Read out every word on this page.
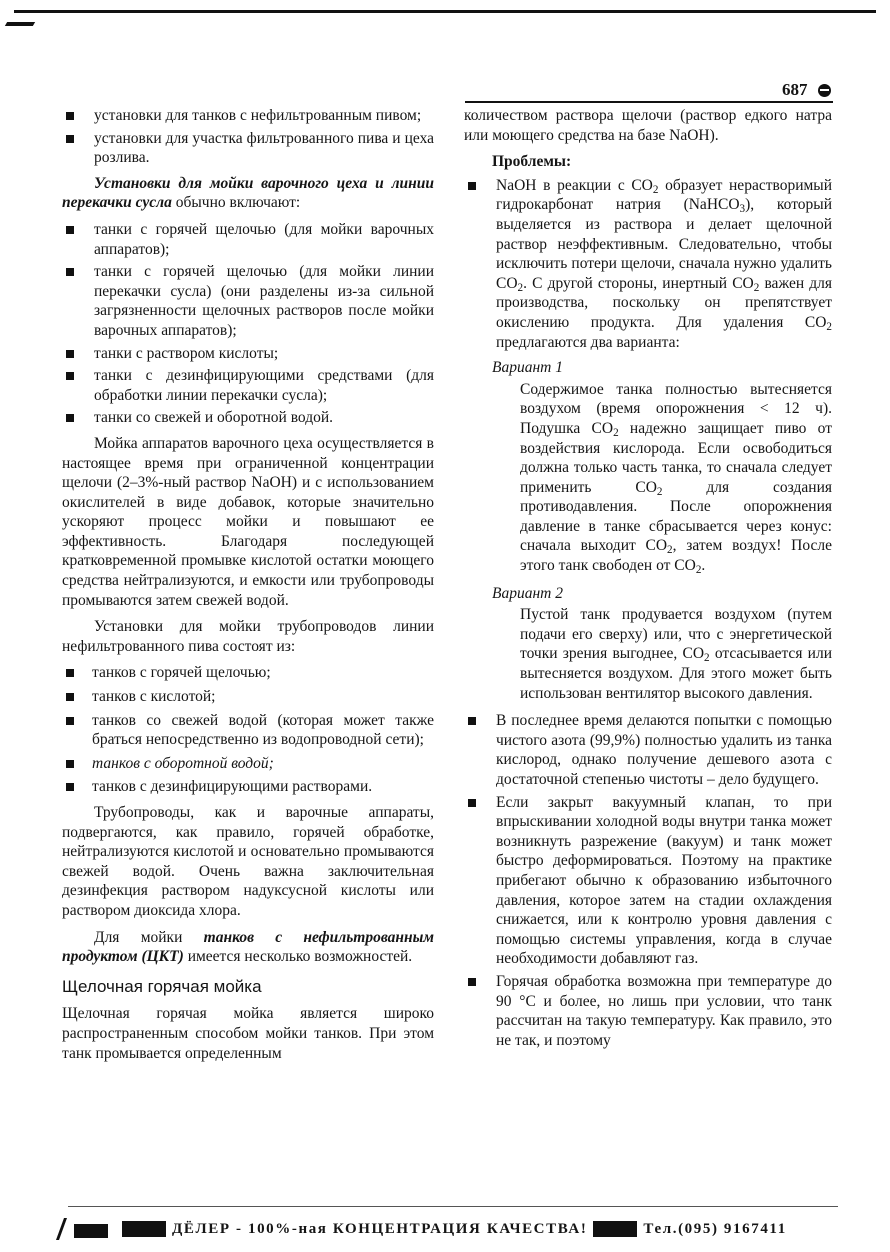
687
установки для танков с нефильтрованным пивом;
установки для участка фильтрованного пива и цеха розлива.

Установки для мойки варочного цеха и линии перекачки сусла обычно включают:

танки с горячей щелочью (для мойки варочных аппаратов);
танки с горячей щелочью (для мойки линии перекачки сусла) (они разделены из-за сильной загрязненности щелочных растворов после мойки варочных аппаратов);
танки с раствором кислоты;
танки с дезинфицирующими средствами (для обработки линии перекачки сусла);
танки со свежей и оборотной водой.

Мойка аппаратов варочного цеха осуществляется в настоящее время при ограниченной концентрации щелочи (2–3%-ный раствор NaOH) и с использованием окислителей в виде добавок, которые значительно ускоряют процесс мойки и повышают ее эффективность. Благодаря последующей кратковременной промывке кислотой остатки моющего средства нейтрализуются, и емкости или трубопроводы промываются затем свежей водой.

Установки для мойки трубопроводов линии нефильтрованного пива состоят из:

танков с горячей щелочью;
танков с кислотой;
танков со свежей водой (которая может также браться непосредственно из водопроводной сети);
танков с оборотной водой;
танков с дезинфицирующими растворами.

Трубопроводы, как и варочные аппараты, подвергаются, как правило, горячей обработке, нейтрализуются кислотой и основательно промываются свежей водой. Очень важна заключительная дезинфекция раствором надуксусной кислоты или раствором диоксида хлора.

Для мойки танков с нефильтрованным продуктом (ЦКТ) имеется несколько возможностей.

Щелочная горячая мойка

Щелочная горячая мойка является широко распространенным способом мойки танков. При этом танк промывается определенным

количеством раствора щелочи (раствор едкого натра или моющего средства на базе NaOH).

Проблемы:
NaOH в реакции с $CO_2$ образует нерастворимый гидрокарбонат натрия (NaHCO$_3$), который выделяется из раствора и делает щелочной раствор неэффективным. Следовательно, чтобы исключить потери щелочи, сначала нужно удалить $CO_2$. С другой стороны, инертный $CO_2$ важен для производства, поскольку он препятствует окислению продукта. Для удаления $CO_2$ предлагаются два варианта:
Вариант 1
Содержимое танка полностью вытесняется воздухом (время опорожнения < 12 ч). Подушка $CO_2$ надежно защищает пиво от воздействия кислорода. Если освободиться должна только часть танка, то сначала следует применить $CO_2$ для создания противодавления. После опорожнения давление в танке сбрасывается через конус: сначала выходит $CO_2$, затем воздух! После этого танк свободен от $CO_2$.
Вариант 2
Пустой танк продувается воздухом (путем подачи его сверху) или, что с энергетической точки зрения выгоднее, $CO_2$ отсасывается или вытесняется воздухом. Для этого может быть использован вентилятор высокого давления.
В последнее время делаются попытки с помощью чистого азота (99,9%) полностью удалить из танка кислород, однако получение дешевого азота с достаточной степенью чистоты – дело будущего.
Если закрыт вакуумный клапан, то при впрыскивании холодной воды внутри танка может возникнуть разрежение (вакуум) и танк может быстро деформироваться. Поэтому на практике прибегают обычно к образованию избыточного давления, которое затем на стадии охлаждения снижается, или к контролю уровня давления с помощью системы управления, когда в случае необходимости добавляют газ.
Горячая обработка возможна при температуре до 90 °C и более, но лишь при условии, что танк рассчитан на такую температуру. Как правило, это не так, и поэтому
ДЁЛЕР - 100%-ная КОНЦЕНТРАЦИЯ КАЧЕСТВА!	Тел.(095) 9167411
